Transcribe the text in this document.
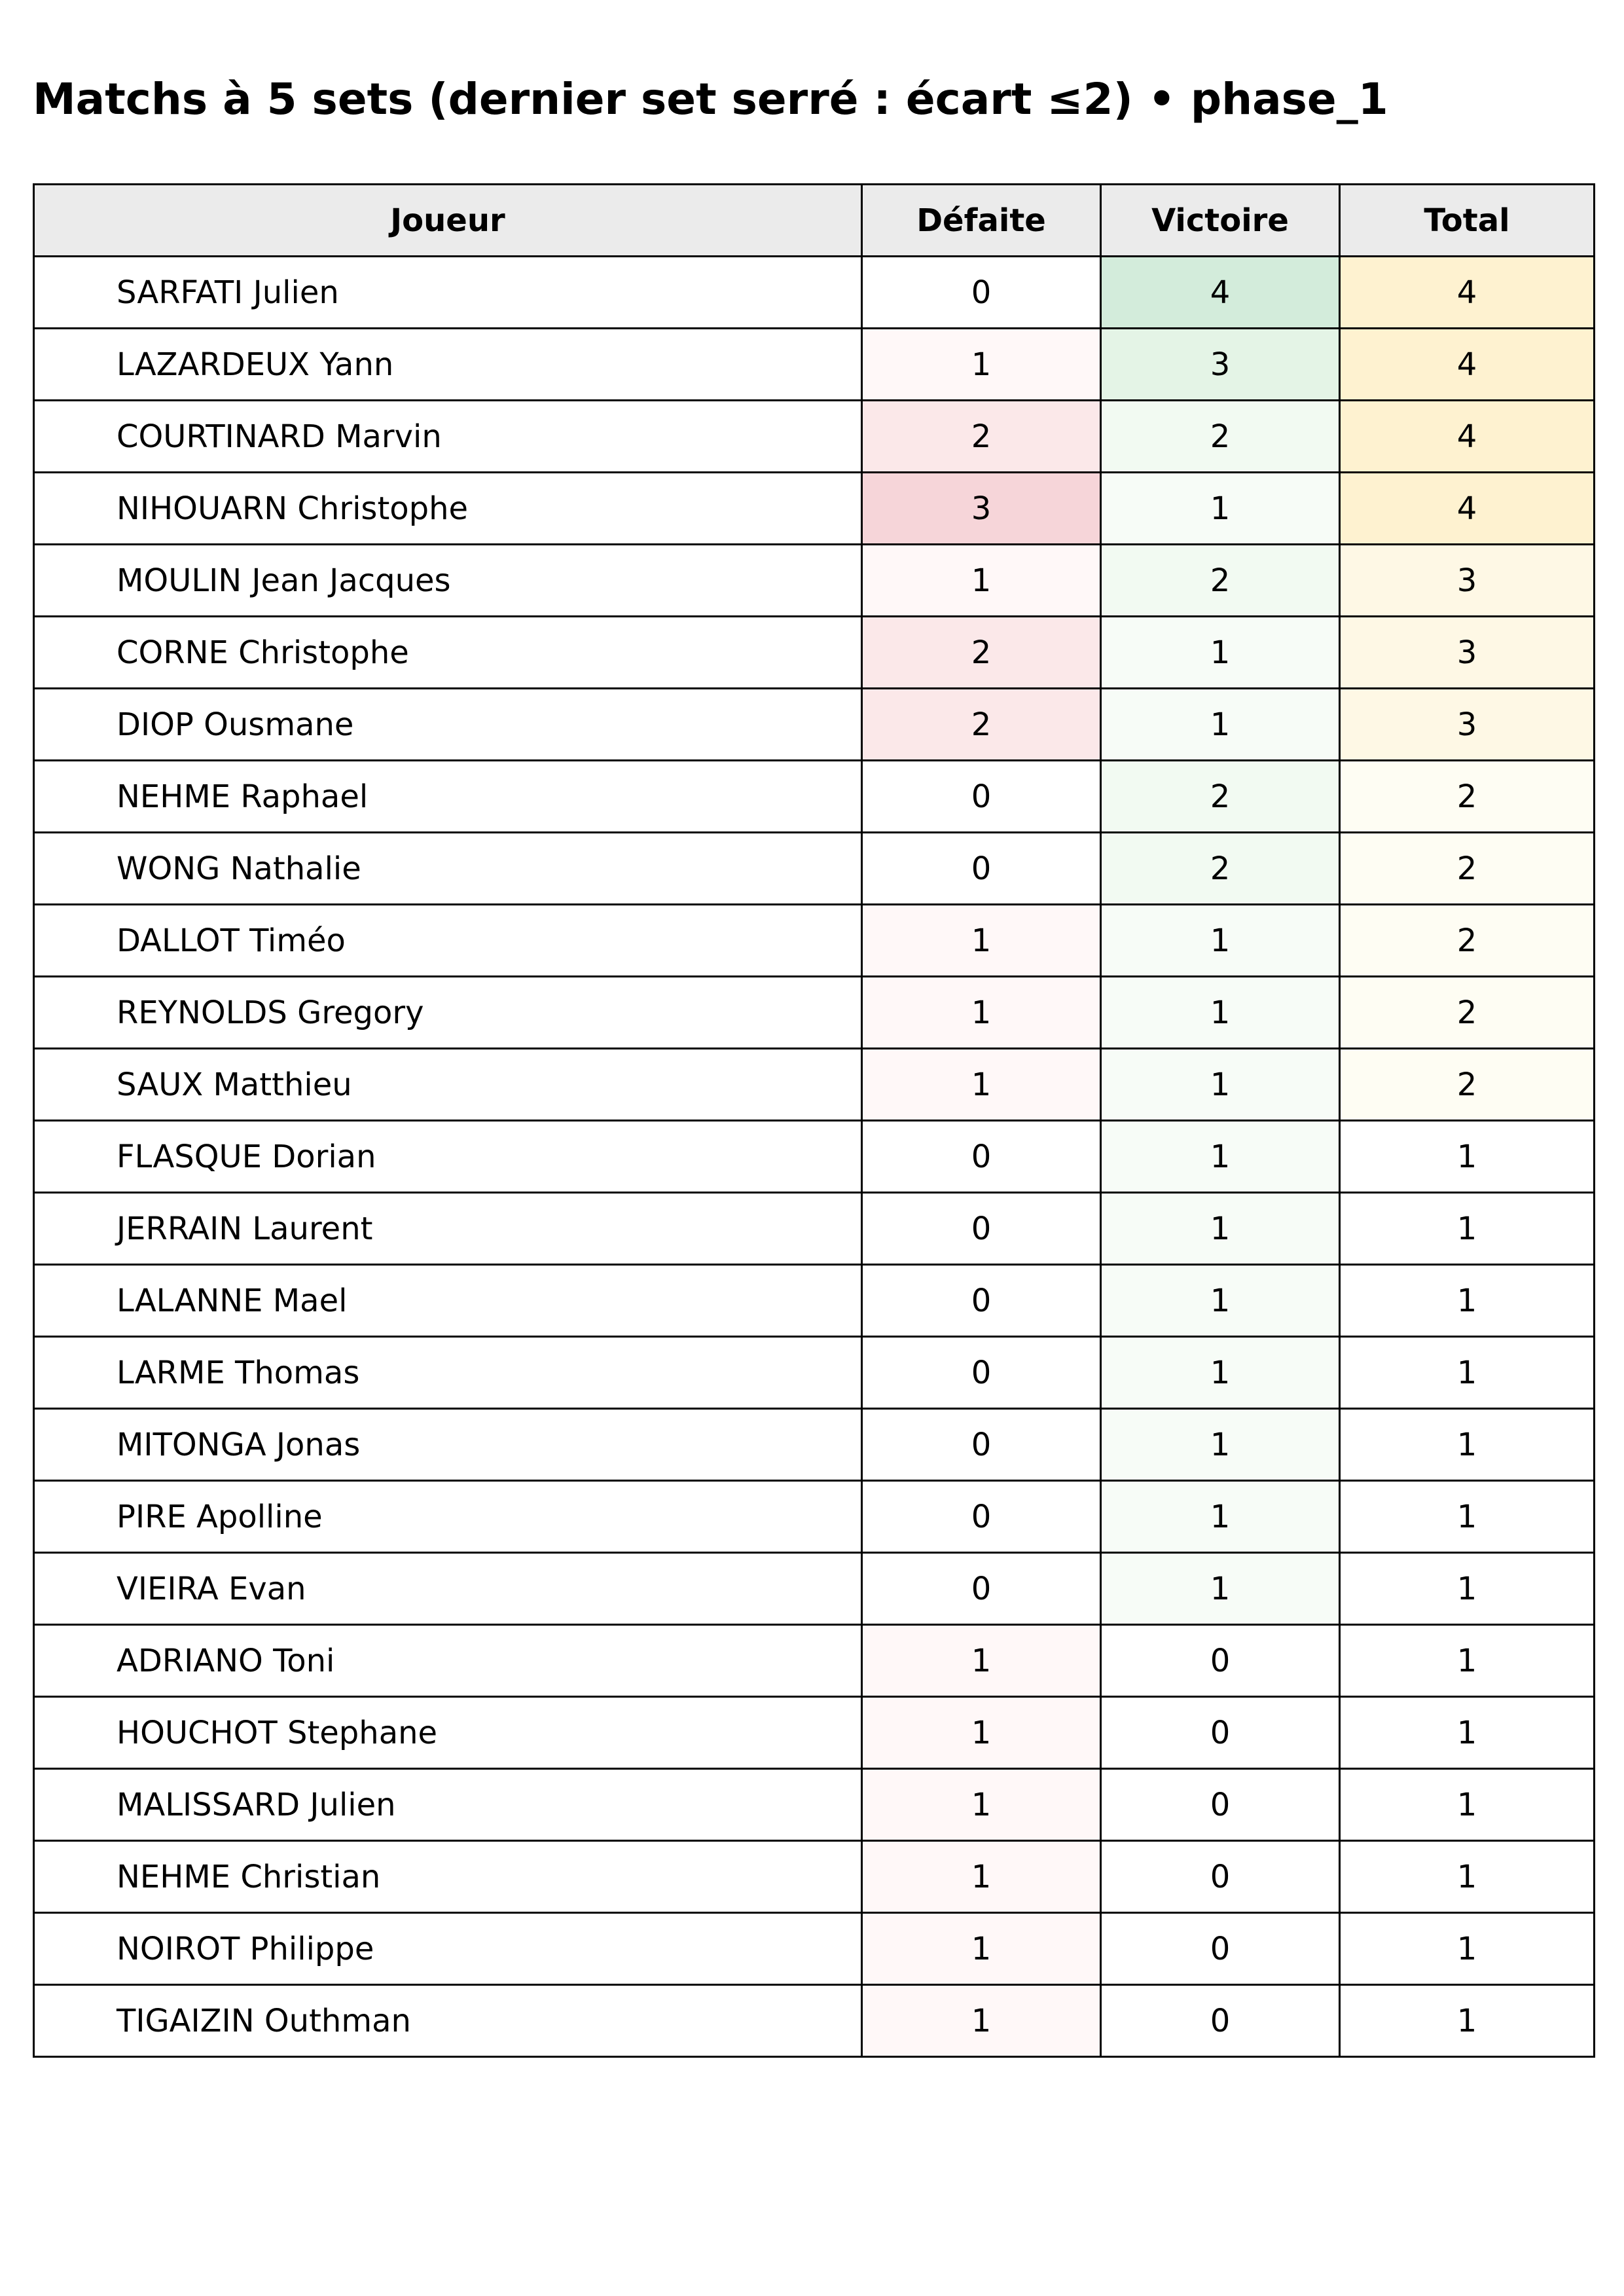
Matchs à 5 sets (dernier set serré : écart ≤2) • phase_1
Joueur	Défaite	Victoire	Total
SARFATI Julien	0	4	4
LAZARDEUX Yann	1	3	4
COURTINARD Marvin	2	2	4
NIHOUARN Christophe	3	1	4
MOULIN Jean Jacques	1	2	3
CORNE Christophe	2	1	3
DIOP Ousmane	2	1	3
NEHME Raphael	0	2	2
WONG Nathalie	0	2	2
DALLOT Timéo	1	1	2
REYNOLDS Gregory	1	1	2
SAUX Matthieu	1	1	2
FLASQUE Dorian	0	1	1
JERRAIN Laurent	0	1	1
LALANNE Mael	0	1	1
LARME Thomas	0	1	1
MITONGA Jonas	0	1	1
PIRE Apolline	0	1	1
VIEIRA Evan	0	1	1
ADRIANO Toni	1	0	1
HOUCHOT Stephane	1	0	1
MALISSARD Julien	1	0	1
NEHME Christian	1	0	1
NOIROT Philippe	1	0	1
TIGAIZIN Outhman	1	0	1
